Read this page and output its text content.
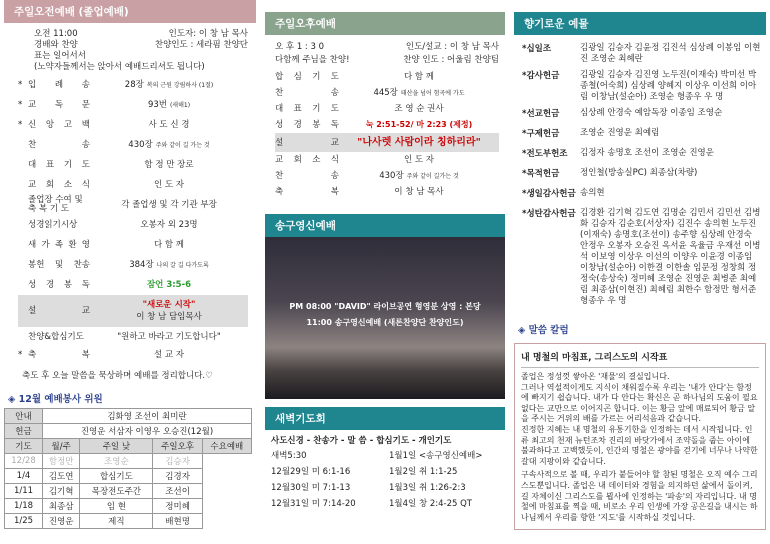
주일오전예배 (졸업예배)
오전 11:00	인도자: 이 창 남 목사
경배와 찬양	찬양인도 : 세라핌 찬양단
표는 일어서서
(노약자들께서는 앉아서 예배드리셔도 됩니다)
* 입 례 송	28장 복의 근원 강림하사 (1절)
* 교 독 문	93번 (새해1)
* 신 앙 고 백	사 도 신 경
찬 송	430장 주와 같이 길 가는 것
대 표 기 도	함 정 만 장로
교 회 소 식	인 도 자
졸업장 수여 및
축 복 기 도	각 졸업생 및 각 기관 부장
성경읽기시상	오봉자 외 23명
새 가 족 환 영	다 함 께
봉헌 및 찬송	384장 나의 갈 길 다가도록
성 경 봉 독	잠언 3:5-6
설 교
"새로운 시작"
이 창 남 담임목사
찬양&합심기도	"원하고 바라고 기도합니다"
* 축 복	설 교 자
축도 후 오늘 말씀을 묵상하며 예배를 정리합니다.♡
◈ 12월 예배봉사 위원
안내	김화영 조선이 최미란			
헌금	진영운 서삼자 이영우 오승진(12월)			
기도	월/주	주일 낮	주일오후	수요예배
12/28	함정만	조영순	김승자	
1/4	김도연	합심기도	김경자	
1/11	김기혁	목장전도주간	조선이	
1/18	최종삼	임 현	정미혜	
1/25	진영운	제직	배현명	
주일오후예배
오 후 1 : 3 0	인도/설교 : 이 창 남 목사
다함께 주님을 찬양!	찬양 인도 : 어울림 찬양팀
합 심 기 도	다 함 께
찬 송	445장 태산을 넘어 험곡에 가도
대 표 기 도	조 영 순 권사
성 경 봉 독	눅 2:51-52/ 마 2:23 (제정)
설 교	"나사렛 사람이라 칭하리라"
교 회 소 식	인 도 자
찬 송	430장 주와 같이 길가는 것
축 복	이 창 남 목사
송구영신예배
PM 08:00 "DAVID" 라이브공연 형영분 상영 : 본당
11:00 송구영신예배 (새론찬양단 찬양인도)
새벽기도회
사도신경 - 찬송가 - 말 씀 - 합심기도 - 개인기도
새벽5:30	1월1일 <송구영신예배>
12월29일 미 6:1-16	1월2일 취 1:1-25
12월30일 미 7:1-13	1월3일 취 1:26-2:3
12월31일 미 7:14-20	1월4일 창 2:4-25 QT
향기로운 예물
*십일조	김광일 김승자 김윤정 김진석 심상례 이봉임 이현진 조영순 최혜란
*감사헌금	김광일 김승자 김진영 노두진(이재숙) 박미선 박종철(어숙희) 심상례 양혜지 이상우 이선희 이아림 이창남(설순아) 조영순 형종우 우 명
*선교헌금	심상례 안경숙 예암독장 이종임 조영순
*구제헌금	조영순 진영운 최예림
*전도부헌조	김정자 송명호 조선이 조영순 진영운
*목적헌금	정인철(방송실PC) 최종삼(차량)
*생일감사헌금 송의현
*성탄감사헌금 김경환 김기혁 김도연 김명순 김민서 김민선 김병화 김승자 김순호(서상자) 김진수 송의현 노두진(이재숙) 송명호(조선이) 송주향 심상례 안경숙 안정우 오봉자 오승진 옥서윤 옥율금 우재선 이병석 이보영 이상우 이선의 이양우 이윤경 이종임 이창남(설순아) 이한결 이한솔 임문정 정창희 정정숙(송상숙) 정미혜 조영순 진영운 최병준 최예림 최종삼(이현진) 최혜림 최한수 함정만 형서준 형종우 우 명
◈ 말씀 칼럼
내 명철의 마침표, 그리스도의 시작표

졸업은 정성껏 쌓아온 '재물'의 결실입니다.

그러나 역설적이게도 지식이 채워질수록 우리는 '내가 안다'는 함정에 빠지기 쉽습니다. 내가 다 안다는 확신은 곧 하나님의 도움이 필요 없다는 교만으로 이어지곤 합니다. 이는 황금 앞에 매료되어 황금 알을 주시는 거위의 배를 가르는 어리석음과 같습니다.

진정한 지혜는 내 명철의 유통기한을 인정하는 데서 시작됩니다. 인류 최고의 천재 뉴턴조차 진리의 바닷가에서 조약돌을 줍는 아이에 불과하다고 고백했듯이, 인간의 명철은 광야를 걷기에 너무나 나약한 갈대 지팡이와 같습니다.

구속사적으로 볼 때, 우리가 붙들어야 할 참된 명철은 오직 예수 그리스도뿐입니다. 졸업은 내 데이터와 경험을 의지하던 삶에서 돌이켜, 길 자체이신 그리스도를 뵙사에 인정하는 '파송'의 자리입니다. 내 명철에 마침표를 찍을 때, 비로소 우리 인생에 가장 공은길을 내시는 하나님께서 우리를 향한 '지도'를 시작하실 것입니다.
